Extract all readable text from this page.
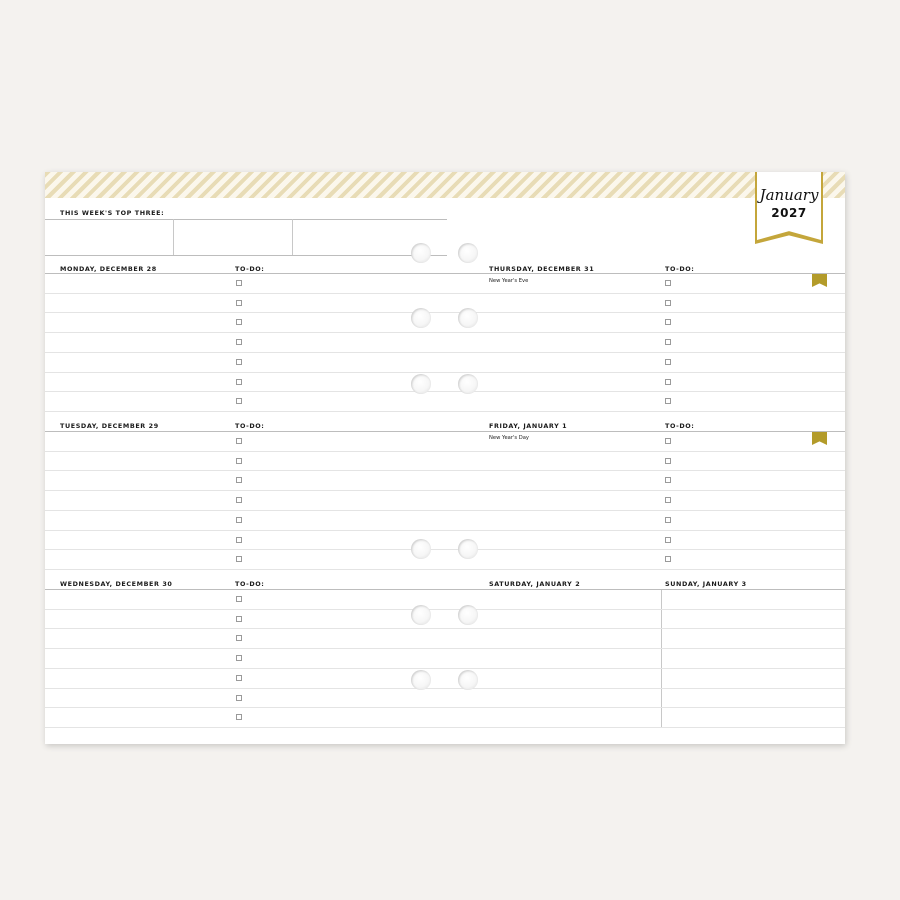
January
2027
THIS WEEK'S TOP THREE:
MONDAY, DECEMBER 28	TO-DO:	THURSDAY, DECEMBER 31	TO-DO:
New Year's Eve
TUESDAY, DECEMBER 29	TO-DO:	FRIDAY, JANUARY 1	TO-DO:
New Year's Day
WEDNESDAY, DECEMBER 30	TO-DO:	SATURDAY, JANUARY 2	SUNDAY, JANUARY 3
